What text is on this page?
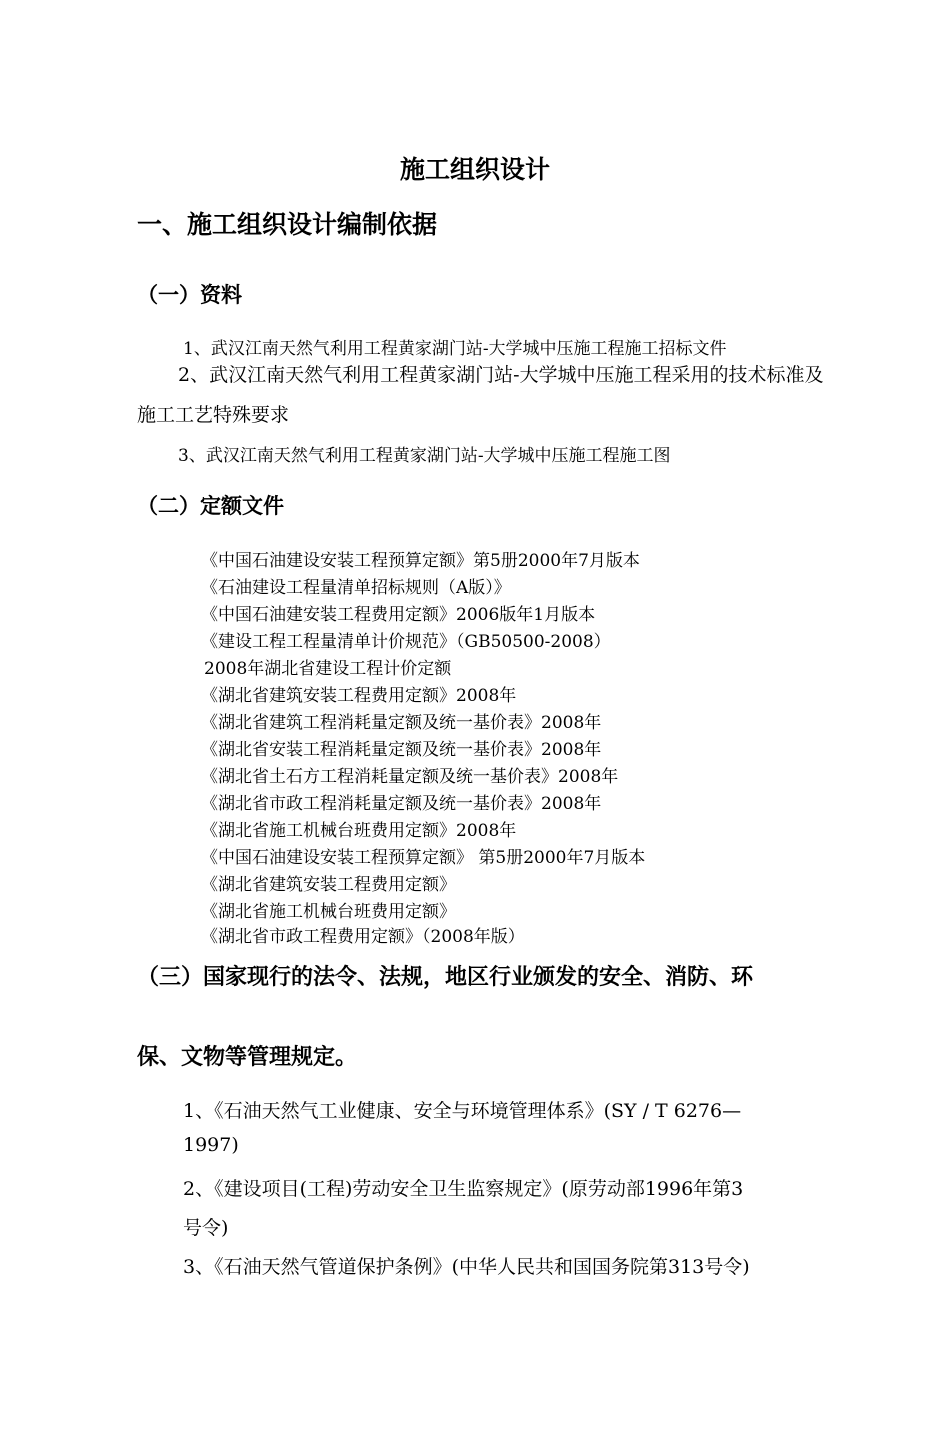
施工组织设计
一、施工组织设计编制依据
（一）资料
1、武汉江南天然气利用工程黄家湖门站-大学城中压施工程施工招标文件
2、武汉江南天然气利用工程黄家湖门站-大学城中压施工程采用的技术标准及
施工工艺特殊要求
3、武汉江南天然气利用工程黄家湖门站-大学城中压施工程施工图
（二）定额文件
《中国石油建设安装工程预算定额》第5册2000年7月版本
《石油建设工程量清单招标规则（A版）》
《中国石油建安装工程费用定额》2006版年1月版本
《建设工程工程量清单计价规范》（GB50500-2008）
2008年湖北省建设工程计价定额
《湖北省建筑安装工程费用定额》2008年
《湖北省建筑工程消耗量定额及统一基价表》2008年
《湖北省安装工程消耗量定额及统一基价表》2008年
《湖北省土石方工程消耗量定额及统一基价表》2008年
《湖北省市政工程消耗量定额及统一基价表》2008年
《湖北省施工机械台班费用定额》2008年
《中国石油建设安装工程预算定额》 第5册2000年7月版本
《湖北省建筑安装工程费用定额》
《湖北省施工机械台班费用定额》
《湖北省市政工程费用定额》（2008年版）
（三）国家现行的法令、法规，地区行业颁发的安全、消防、环
保、文物等管理规定。
1、《石油天然气工业健康、安全与环境管理体系》(SY / T 6276—
1997)
2、《建设项目(工程)劳动安全卫生监察规定》(原劳动部1996年第3
号令)
3、《石油天然气管道保护条例》(中华人民共和国国务院第313号令)
